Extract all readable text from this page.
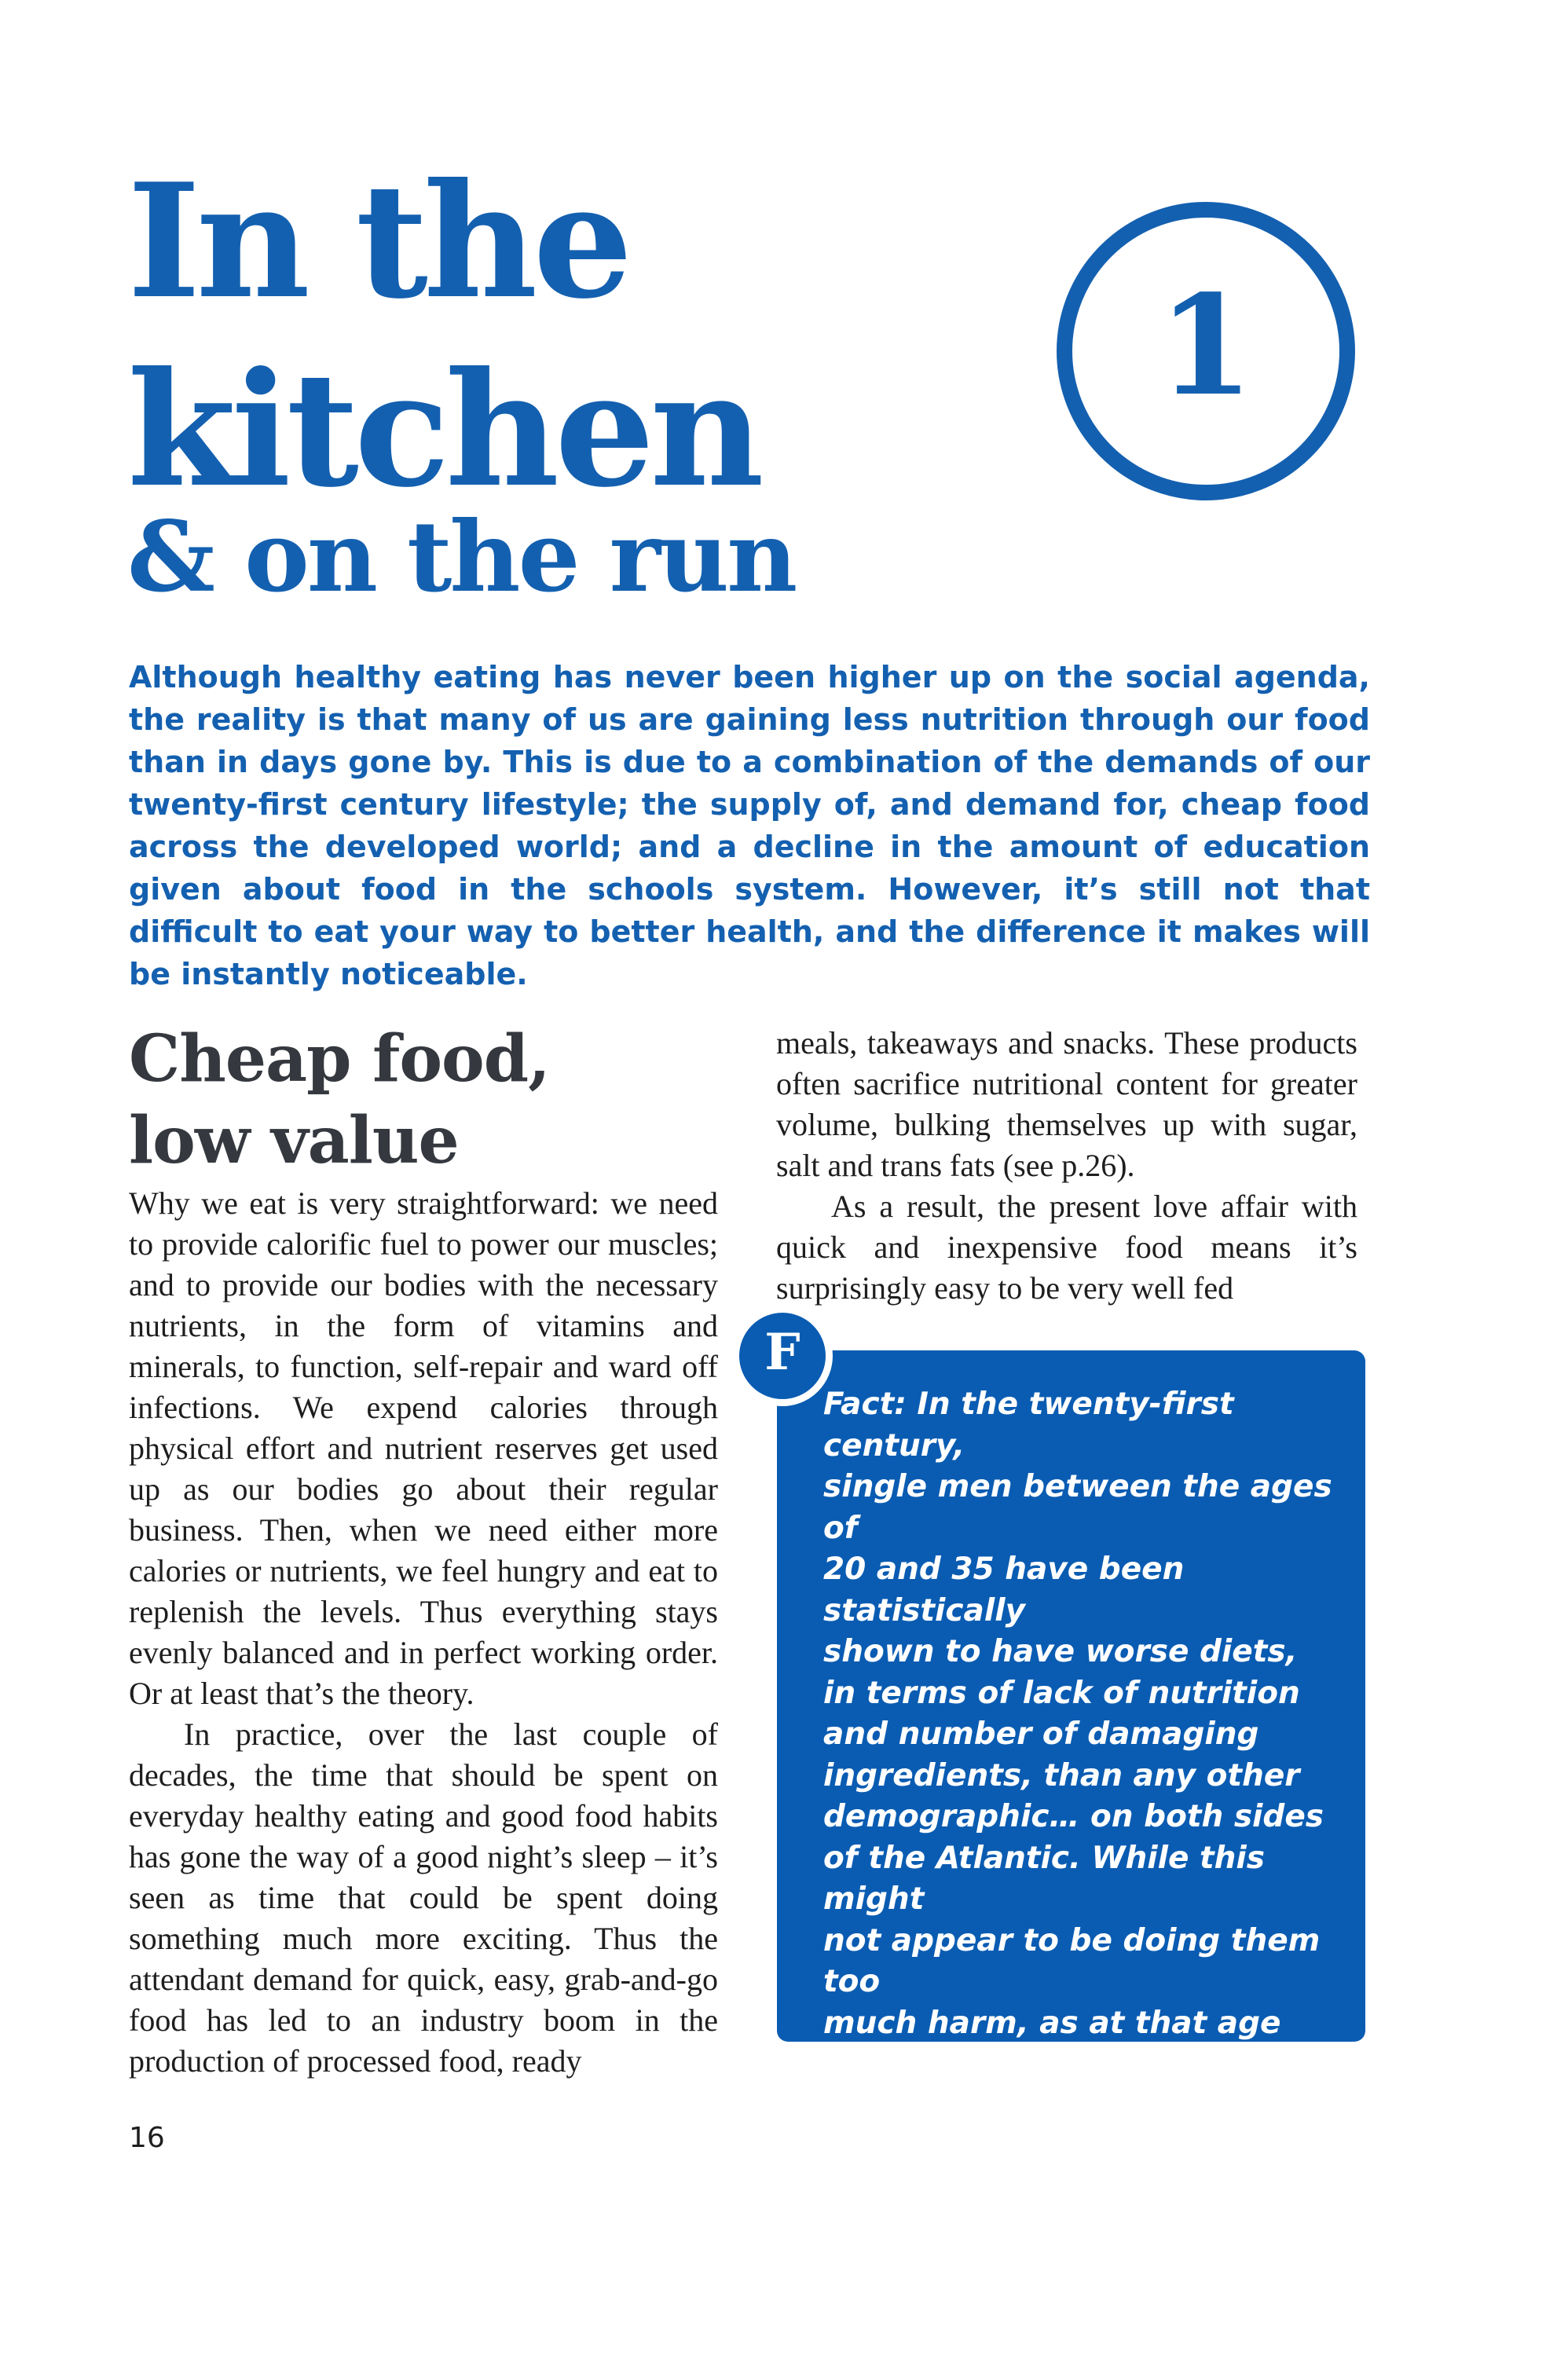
In the
kitchen
& on the run
1

Although healthy eating has never been higher up on the social agenda, the reality is that many of us are gaining less nutrition through our food than in days gone by. This is due to a combination of the demands of our twenty-first century lifestyle; the supply of, and demand for, cheap food across the developed world; and a decline in the amount of education given about food in the schools system. However, it’s still not that difficult to eat your way to better health, and the difference it makes will be instantly noticeable.

Cheap food,
low value

Why we eat is very straightforward: we need to provide calorific fuel to power our muscles; and to provide our bodies with the necessary nutrients, in the form of vitamins and minerals, to function, self-repair and ward off infections. We expend calories through physical effort and nutrient reserves get used up as our bodies go about their regular business. Then, when we need either more calories or nutrients, we feel hungry and eat to replenish the levels. Thus everything stays evenly balanced and in perfect working order. Or at least that’s the theory.

In practice, over the last couple of decades, the time that should be spent on everyday healthy eating and good food habits has gone the way of a good night’s sleep – it’s seen as time that could be spent doing something much more exciting. Thus the attendant demand for quick, easy, grab-and-go food has led to an industry boom in the production of processed food, ready

meals, takeaways and snacks. These products often sacrifice nutritional content for greater volume, bulking themselves up with sugar, salt and trans fats (see p.26).

As a result, the present love affair with quick and inexpensive food means it’s surprisingly easy to be very well fed

Fact: In the twenty-first century,
single men between the ages of
20 and 35 have been statistically
shown to have worse diets,
in terms of lack of nutrition
and number of damaging
ingredients, than any other
demographic… on both sides
of the Atlantic. While this might
not appear to be doing them too
much harm, as at that age the
metabolism tends to be super
efficient, the concern is that their
habits are storing up trouble for
later life.
F

16
